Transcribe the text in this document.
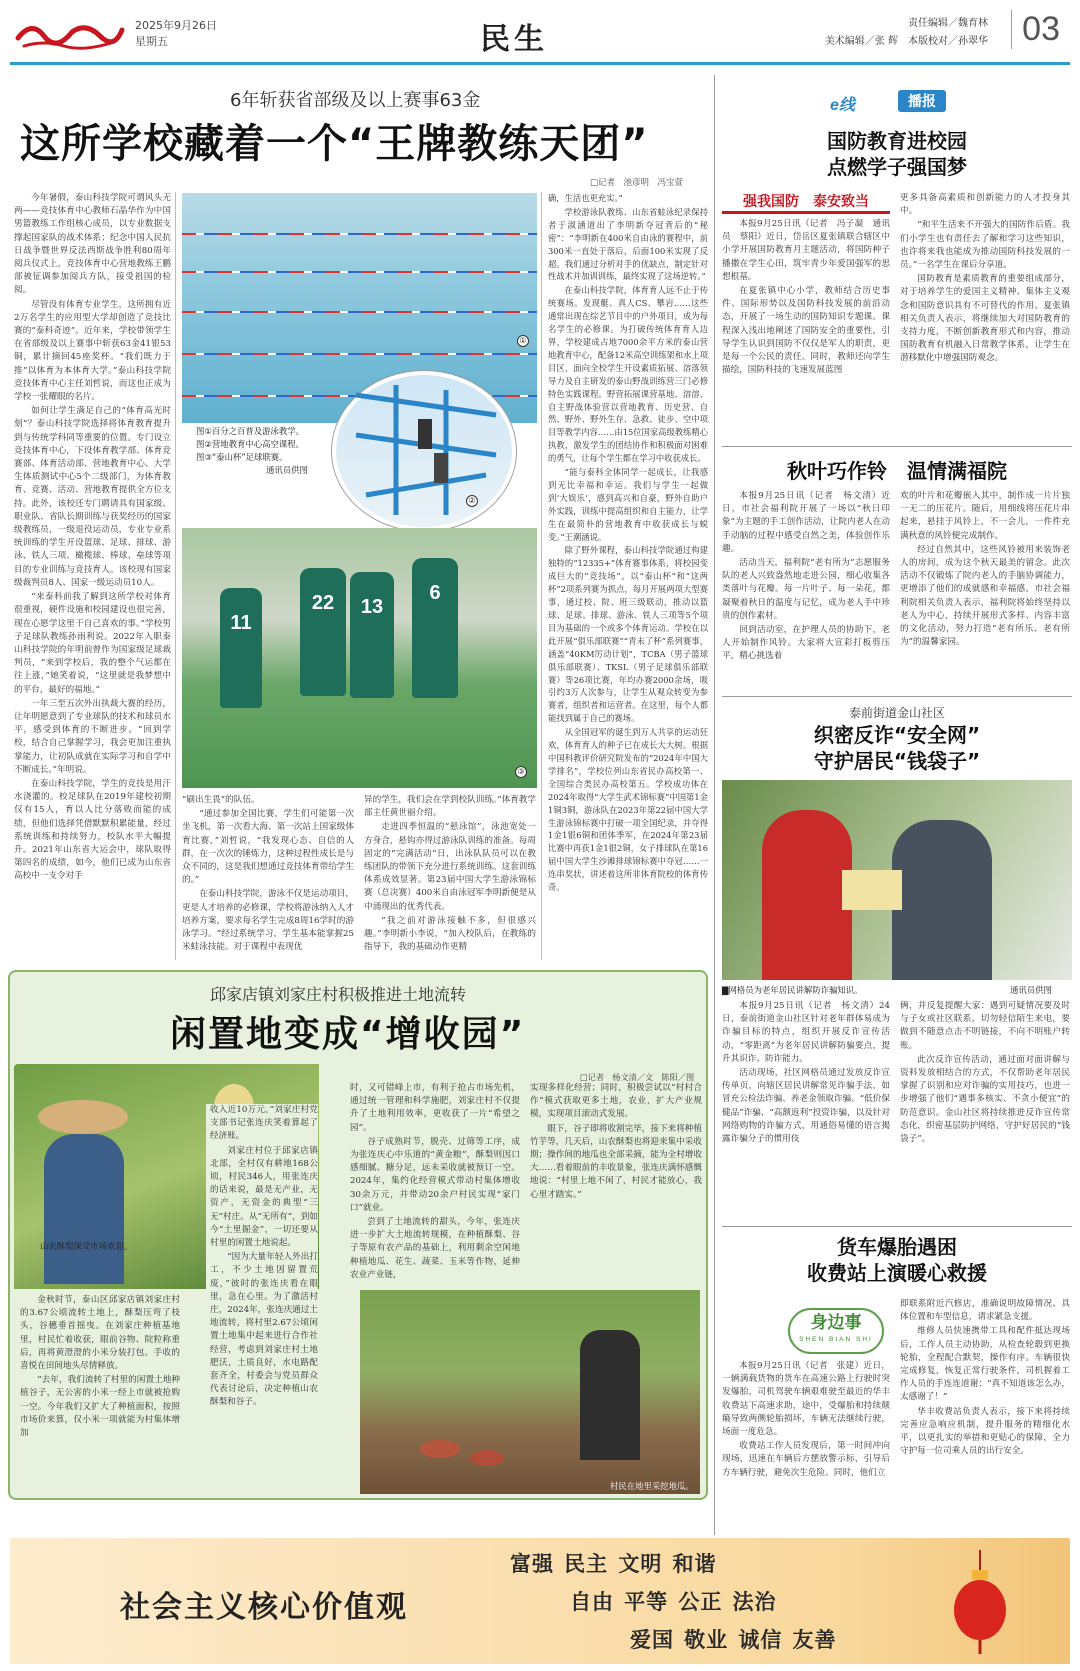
2025年9月26日
星期五	民生	责任编辑／魏育林
美术编辑／张 辉　本版校对／孙翠华	03
6年斩获省部级及以上赛事63金
这所学校藏着一个“王牌教练天团”
□记者　池彦明　冯宝萱

今年暑假，泰山科技学院可谓风头无两——竞技体育中心教师石晶华作为中国男篮教练工作组核心成员，以专业数据支撑起国家队的战术体系；纪念中国人民抗日战争暨世界反法西斯战争胜利80周年阅兵仪式上，竞技体育中心营地教练王鹏部被征调参加阅兵方队，接受祖国的检阅。

尽管没有体育专业学生，这所拥有近2万名学生的应用型大学却创造了竞技比赛的“泰科奇迹”。近年来，学校带领学生在省部级及以上赛事中斩获63金41银53铜，累计摘回45座奖杯。“我们既力于推”以体育为本体育大学。”泰山科技学院竞技体育中心主任刘哲说，而这也正成为学校一张耀眼的名片。

如何让学生满足自己的“体育高光时刻”？泰山科技学院选择将体育教育提升到与传统学科同等重要的位置。专门设立竞技体育中心，下设体育教学部、体育竞赛部、体育活动部、营地教育中心、大学生体质测试中心5个二级部门，为体育教育、竞赛、活动、营地教育提供全方位支持。此外，该校还专门聘请具有国家级、职业队、省队长期训练与获奖经历的国家级教练员，一级退役运动员，专业专业系统训练的学生开设篮球、足球、排球、游泳、铁人三项、橄榄球、棒球、垒球等项目的专业训练与竞技育人。该校现有国家级裁判员8人、国家一级运动员10人。

“来泰科前我了解到这所学校对体育很重视，硬件设施和校园建设也很完善，现在心愿学这里干自己喜欢的事。”学校男子足球队教练孙雨利说。2022年入职泰山科技学院的年明前曾作为国家级足球裁判员，“来到学校后，我的整个气运都在往上涨，”她笑着说，“这里就是我梦想中的平台，最好的福地。”

一年三至五次外出执裁大赛的经历，让年明愿意到了专业球队的技术和球员水平，感受到体育的不断进步。“回到学校，结合自己掌握学习，我会更加注重执掌能力，让初队成就在实际学习和自学中不断成长。”年明说。

在泰山科技学院，学生的竞技是用汗水浇灌的。校足球队在2019年建校初期仅有15人，育以人比分落败而能的成绩，但他们选择凭借默默积累能量，经过系统训练和持续努力，校队水平大幅提升。2021年山东省大运会中，球队取得第四名的成绩，如今，他们已成为山东省高校中一支令对手

①
图①百分之百普及游泳教学。
图②营地教育中心高空课程。
图③“泰山杯”足球联赛。
通讯员供图
②
11
22	13
6
③

“刷出生畏”的队伍。

“通过参加全国比赛，学生们可能第一次坐飞机，第一次看大海、第一次站上国家级体育比赛，”刘哲说，“我发现心态、自信的人群，在一次次的锤炼力，这种过程性成长是与众不同的，这是我们想通过竞技体育带给学生的。”

在泰山科技学院，游泳不仅是运动项目，更是人才培养的必修课，学校将游泳纳入人才培养方案，要求每名学生完成8周16学时的游泳学习。“经过系统学习，学生基本能掌握25米蛙泳技能。对于课程中表现优

异的学生，我们会在学到校队训练。”体育教学部主任黄世丽介绍。

走进四季恒温的“悬泳馆”，泳池宽处一方身合，悬钩亦得过游泳队训练的准备。每周固定的“完满活动”日，出泳队队员可以在教练团队的带领下充分进行系统训练。这套训练体系成效显著。第23届中国大学生游泳锦标赛（总决赛）400米自由泳冠军李明新便是从中涌现出的优秀代表。

“我之前对游泳接触不多，但很感兴趣。”李明新小李说，“加入校队后，在教练的指导下，我的基础动作更精

确，生活也更充实。”

学校游泳队教练、山东省蛙泳纪录保持者于淑涵道出了李明新夺冠背后的“秘密”：“李明新在400米自由泳的赛程中，前300米一直处于落后，后面100米实现了反超。我们通过分析对手的优缺点，制定针对性战术并加训训练，最终实现了这场逆转。”

在泰山科技学院，体育育人远不止于传统赛场。发现艇、真人CS、攀岩……这些通常出现在综艺节目中的户外项目，成为每名学生的必修课。为打破传统体育育人边界，学校建成占地7000余平方米的泰山营地教育中心，配备12米高空训练架和水上项目区，面向全校学生开设素质拓展、溶落领导力及自主研发的泰山野战训练营三门必修特色实践课程。野营拓展课营基地、溶溶、自主野战体验营以营地教育、历史营、自然、野外、野外生存、急救、徒步、空中项目等教学内容……由15位国家高级教练精心执教，激发学生的团结协作和积极面对困难的勇气，让每个学生都在学习中收获成长。

“能与泰科全体同学一起成长，让我感到无比幸福和幸运。我们与学生一起做到‘大娱乐’，感到高兴和自豪，野外自助户外实践，训练中提高组织和自主能力，让学生在最简朴的营地教育中收获成长与蜕变。”王潮涵说。

除了野外课程，泰山科技学院通过构建独特的“12335+”体育赛事体系，将校园变成巨大的“竞技场”。以“泰山杯”和“这两杯”2项系列赛为抓点，每月开展两项大型赛事，通过校、院、班三级联动，推动以篮球、足球、排球、游泳、铁人三项等5个项目为基础的一个或多个体育运动。学校在以此开展“俱乐部联赛”“青未了杯”系列赛事，涵盖“40KM厉动计划”，TCBA（男子篮球俱乐部联赛）、TKSL（男子足球俱乐部联赛）等26项比赛，年均办赛2000余场，吸引约3万人次参与，让学生从观众转变为参赛者，组织者和运营者。在这里，每个人都能找到属于自己的赛场。

从全国冠军的诞生到万人共享的运动狂欢，体育育人的种子已在成长大大树。根据中国科教评价研究院发布的“2024年中国大学排名”，学校位列山东省民办高校第一、全国综合类民办高校第五。学校成功体在2024年取得“大学生武术锦标赛”中国第1金1铜3铜，游泳队在2023年第22届中国大学生游泳锦标赛中打破一项全国纪录，并夺得1金1银6铜和团体季军，在2024年第23届比赛中再获1金1银2铜，女子排球队在第16届中国大学生沙滩排球锦标赛中夺冠……一连串奖状，讲述着这所非体育院校的体育传奇。

邱家店镇刘家庄村积极推进土地流转
闲置地变成“增收园”
□记者　杨文清／文　陈阳／图
山农酥梨深受市场欢迎。

收入近10万元。”刘家庄村党支部书记张连庆笑着算起了经济账。

刘家庄村位于邱家店镇北部，全村仅有耕地168公顷，村民346人，用张连庆的话来说，最是无产业，无资产，无资金的典型“三无”村庄。从“无所有”，到如今“土里掘金”，一切还要从村里的闲置土地说起。

“因为大量年轻人外出打工，不少土地因留置荒废，”彼时的张连庆看在眼里，急在心里。为了激活村庄，2024年，张连庆通过土地流转，将村里2.67公顷闲置土地集中起来进行合作社经营，考虑到刘家庄村土地肥沃，土质良好，水电路配套齐全，村委会与党员群众代表讨论后，决定种植山农酥梨和谷子。

金秋时节，泰山区邱家店镇刘家庄村的3.67公顷流转土地上，酥梨压弯了枝头，谷穗垂首摇曳。在刘家庄种植基地里，村民忙着收获，眼前谷物、院粒称重后，再将黄澄澄的小米分装打包。手收的喜悦在田间地头尽情释放。

“去年，我们流转了村里的闲置土地种植谷子，无公害的小米一经上市就被抢购一空。今年我们又扩大了种植面积，按照市场价来算，仅小米一项就能为村集体增加

时，又可错峰上市，有利于抢占市场先机，通过统一管理和科学施肥，刘家庄村不仅提升了土地利用效率，更收获了一片“希望之园”。

谷子成熟时节，脱壳、过筛等工序，成为张连庆心中乐道的“黄金粮”，酥梨则因口感细腻、糖分足，远未采收就被预订一空。2024年，集约化经营模式带动村集体增收30余万元，并带动20余户村民实现“家门口”就业。

尝到了土地流转的甜头，今年，张连庆进一步扩大土地流转规模，在种植酥梨、谷子等原有农产品的基础上，利用剩余空闲地种植地瓜、花生、蔬菜、玉米等作物，延伸农业产业链，

实现多样化经营；同时，积极尝试以“村村合作”模式获取更多土地，农业，扩大产业规模，实现项目滚动式发展。

眼下，谷子即将收割完毕，接下来将种植竹芋等，几天后，山农酥梨也将迎来集中采收期；操作间的地瓜也全部采摘，能为全村增收大……看着眼前的丰收景象，张连庆满怀感慨地说：“村里上地不闲了，村民才能放心，我心里才踏实。”

村民在地里采挖地瓜。
e线	播报
国防教育进校园
点燃学子强国梦
强我国防　泰安致当

本报9月25日讯（记者　冯子凝　通讯员　蔡阳）近日，岱岳区夏张镇联合辖区中小学开展国防教育月主题活动，将国防种子播撒在学生心田，筑牢青少年爱国强军的思想根基。

在夏张镇中心小学，教师结合历史事件、国际形势以及国防科技发展的前沿动态，开展了一场生动的国防知识专题课。课程深入浅出地阐述了国防安全的重要性，引导学生认识到国防不仅仅是军人的职责，更是每一个公民的责任。同时，教师还向学生描绘，国防科技的飞速发展蓝图

更多具备高素质和创新能力的人才投身其中。

“和平生活来不开强大的国防作后盾。我们小学生也有责任去了解和学习这些知识，也许将来我也能成为推动国防科技发展的一员。”一名学生在课后分享道。

国防教育是素质教育的重要组成部分，对于培养学生的爱国主义精神、集体主义观念和国防意识具有不可替代的作用。夏张镇相关负责人表示，将继续加大对国防教育的支持力度，不断创新教育形式和内容，推动国防教育有机融入日常教学体系，让学生在潜移默化中增强国防观念。

秋叶巧作铃　温情满福院

本报9月25日讯（记者　杨文清）近日，市社会福利院开展了一场以“秋日印象”为主题的手工创作活动，让院内老人在动手动脑的过程中感受自然之美，体验创作乐趣。

活动当天，福利院“老有所为”志愿服务队的老人兴致盎然地走进公园，细心收集各类落叶与花瓣。每一片叶子、每一朵花，都凝聚着秋日的温度与记忆，成为老人手中珍贵的创作素材。

回到活动室，在护理人员的协助下，老人开始制作风铃。大家将大宣彩打板剪压平，精心挑选着

欢的叶片和花瓣嵌入其中，制作成一片片独一无二的压花片。随后，用细线将压花片串起来，悬挂于风铃上，不一会儿，一件件充满秋意的风铃便完成制作。

经过自然其中，这些风铃被用来装饰老人的房间，成为这个秋天最美的留念。此次活动不仅锻炼了院内老人的手脑协调能力，更增添了他们的成就感和幸福感。市社会福利院相关负责人表示，福利院将始终坚持以老人为中心，持续开展形式多样、内容丰富的文化活动，努力打造“老有所乐、老有所为”的温馨家园。

泰前街道金山社区
织密反诈“安全网”
守护居民“钱袋子”
▇网格员为老年居民讲解防诈骗知识。	通讯员供图

本报9月25日讯（记者　杨文清）24日，泰前街道金山社区针对老年群体易成为诈骗目标的特点，组织开展反诈宣传活动，“零距离”为老年居民讲解防骗要点，提升其识诈、防诈能力。

活动现场，社区网格员通过发放反诈宣传单页，向辖区居民讲解常见诈骗手法，如冒充公检法诈骗、养老金领取诈骗、“低价保健品”诈骗、“高额返利”投资诈骗，以及针对网络购物的诈骗方式，用通俗易懂的语言揭露诈骗分子的惯用伎

俩，并反复提醒大家：遇到可疑情况要及时与子女或社区联系，切勿轻信陌生来电，要做到不随意点击不明链接，不向不明账户转账。

此次反诈宣传活动，通过面对面讲解与资料发放相结合的方式，不仅帮助老年居民掌握了识别和应对诈骗的实用技巧，也进一步增强了他们“遇事多核实、不贪小便宜”的防范意识。金山社区将持续推进反诈宣传常态化，织密基层防护网络，守护好居民的“钱袋子”。

货车爆胎遇困
收费站上演暖心救援
身边事
SHEN BIAN SHI

本报9月25日讯（记者　张建）近日，一辆满载货物的货车在高速公路上行驶时突发爆胎，司机驾驶车辆艰难驶至最近的华丰收费站下高速求助，途中，受爆胎和持续颠簸导致两侧轮胎损坏，车辆无法继续行驶，场面一度危急。

收费站工作人员发现后，第一时间冲向现场，迅速在车辆后方摆放警示标，引导后方车辆行驶，避免次生危险。同时，他们立

即联系附近汽修店，准确说明故障情况、具体位置和车型信息，请求紧急支援。

维修人员快速携带工具和配件抵达现场后，工作人员主动协助，从检查轮毂到更换轮胎，全程配合默契，操作有序。车辆很快完成修复，恢复正常行驶条件，司机握着工作人员的手连连道谢：“真不知道该怎么办，太感谢了！”

华丰收费站负责人表示，接下来将持续完善应急响应机制，提升服务的精细化水平，以更扎实的举措和更贴心的保障，全力守护每一位司乘人员的出行安全。

社会主义核心价值观
富强 民主 文明 和谐
自由 平等 公正 法治
爱国 敬业 诚信 友善
